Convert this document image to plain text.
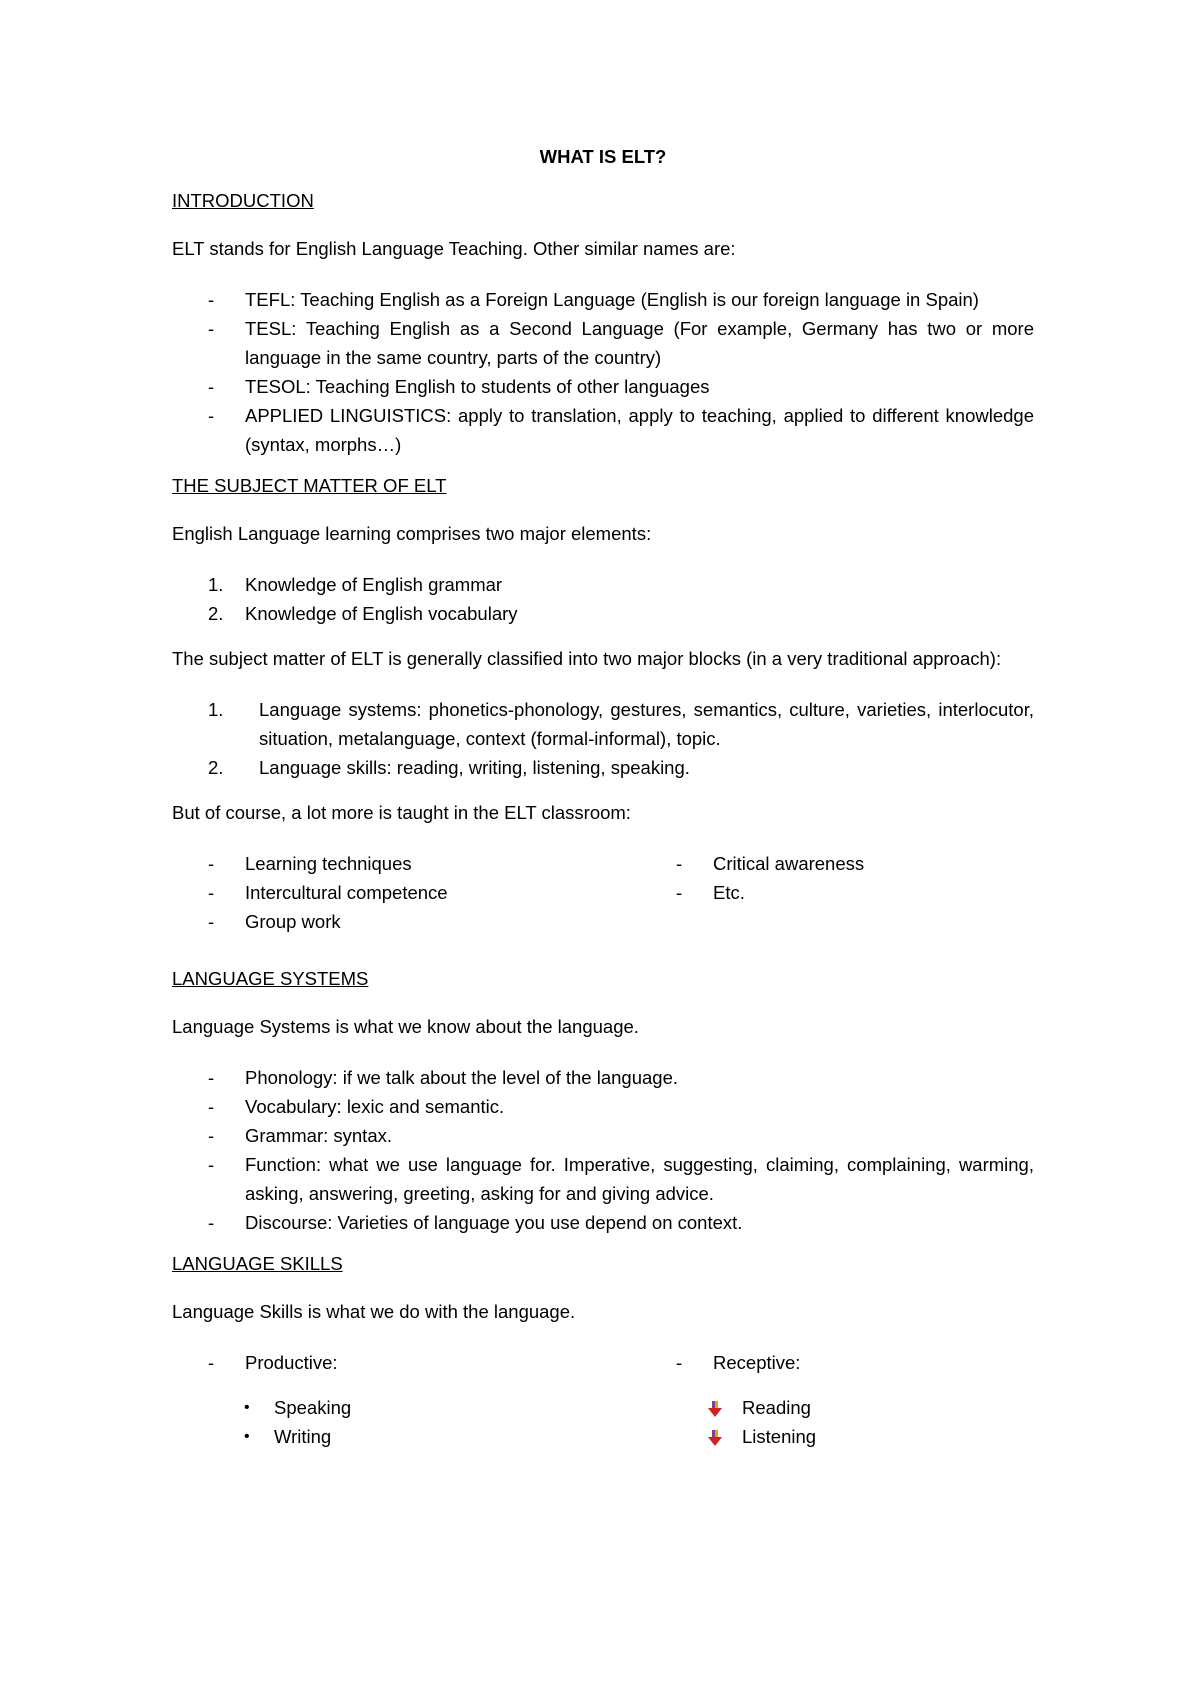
WHAT IS ELT?
INTRODUCTION
ELT stands for English Language Teaching. Other similar names are:
- TEFL: Teaching English as a Foreign Language (English is our foreign language in Spain)
- TESL: Teaching English as a Second Language (For example, Germany has two or more language in the same country, parts of the country)
- TESOL: Teaching English to students of other languages
- APPLIED LINGUISTICS: apply to translation, apply to teaching, applied to different knowledge (syntax, morphs…)
THE SUBJECT MATTER OF ELT
English Language learning comprises two major elements:
1. Knowledge of English grammar
2. Knowledge of English vocabulary
The subject matter of ELT is generally classified into two major blocks (in a very traditional approach):
1. Language systems: phonetics-phonology, gestures, semantics, culture, varieties, interlocutor, situation, metalanguage, context (formal-informal), topic.
2. Language skills: reading, writing, listening, speaking.
But of course, a lot more is taught in the ELT classroom:
- Learning techniques
- Intercultural competence
- Group work
- Critical awareness
- Etc.
LANGUAGE SYSTEMS
Language Systems is what we know about the language.
- Phonology: if we talk about the level of the language.
- Vocabulary: lexic and semantic.
- Grammar: syntax.
- Function: what we use language for. Imperative, suggesting, claiming, complaining, warming, asking, answering, greeting, asking for and giving advice.
- Discourse: Varieties of language you use depend on context.
LANGUAGE SKILLS
Language Skills is what we do with the language.
- Productive:
• Speaking
• Writing
- Receptive:
Reading
Listening
